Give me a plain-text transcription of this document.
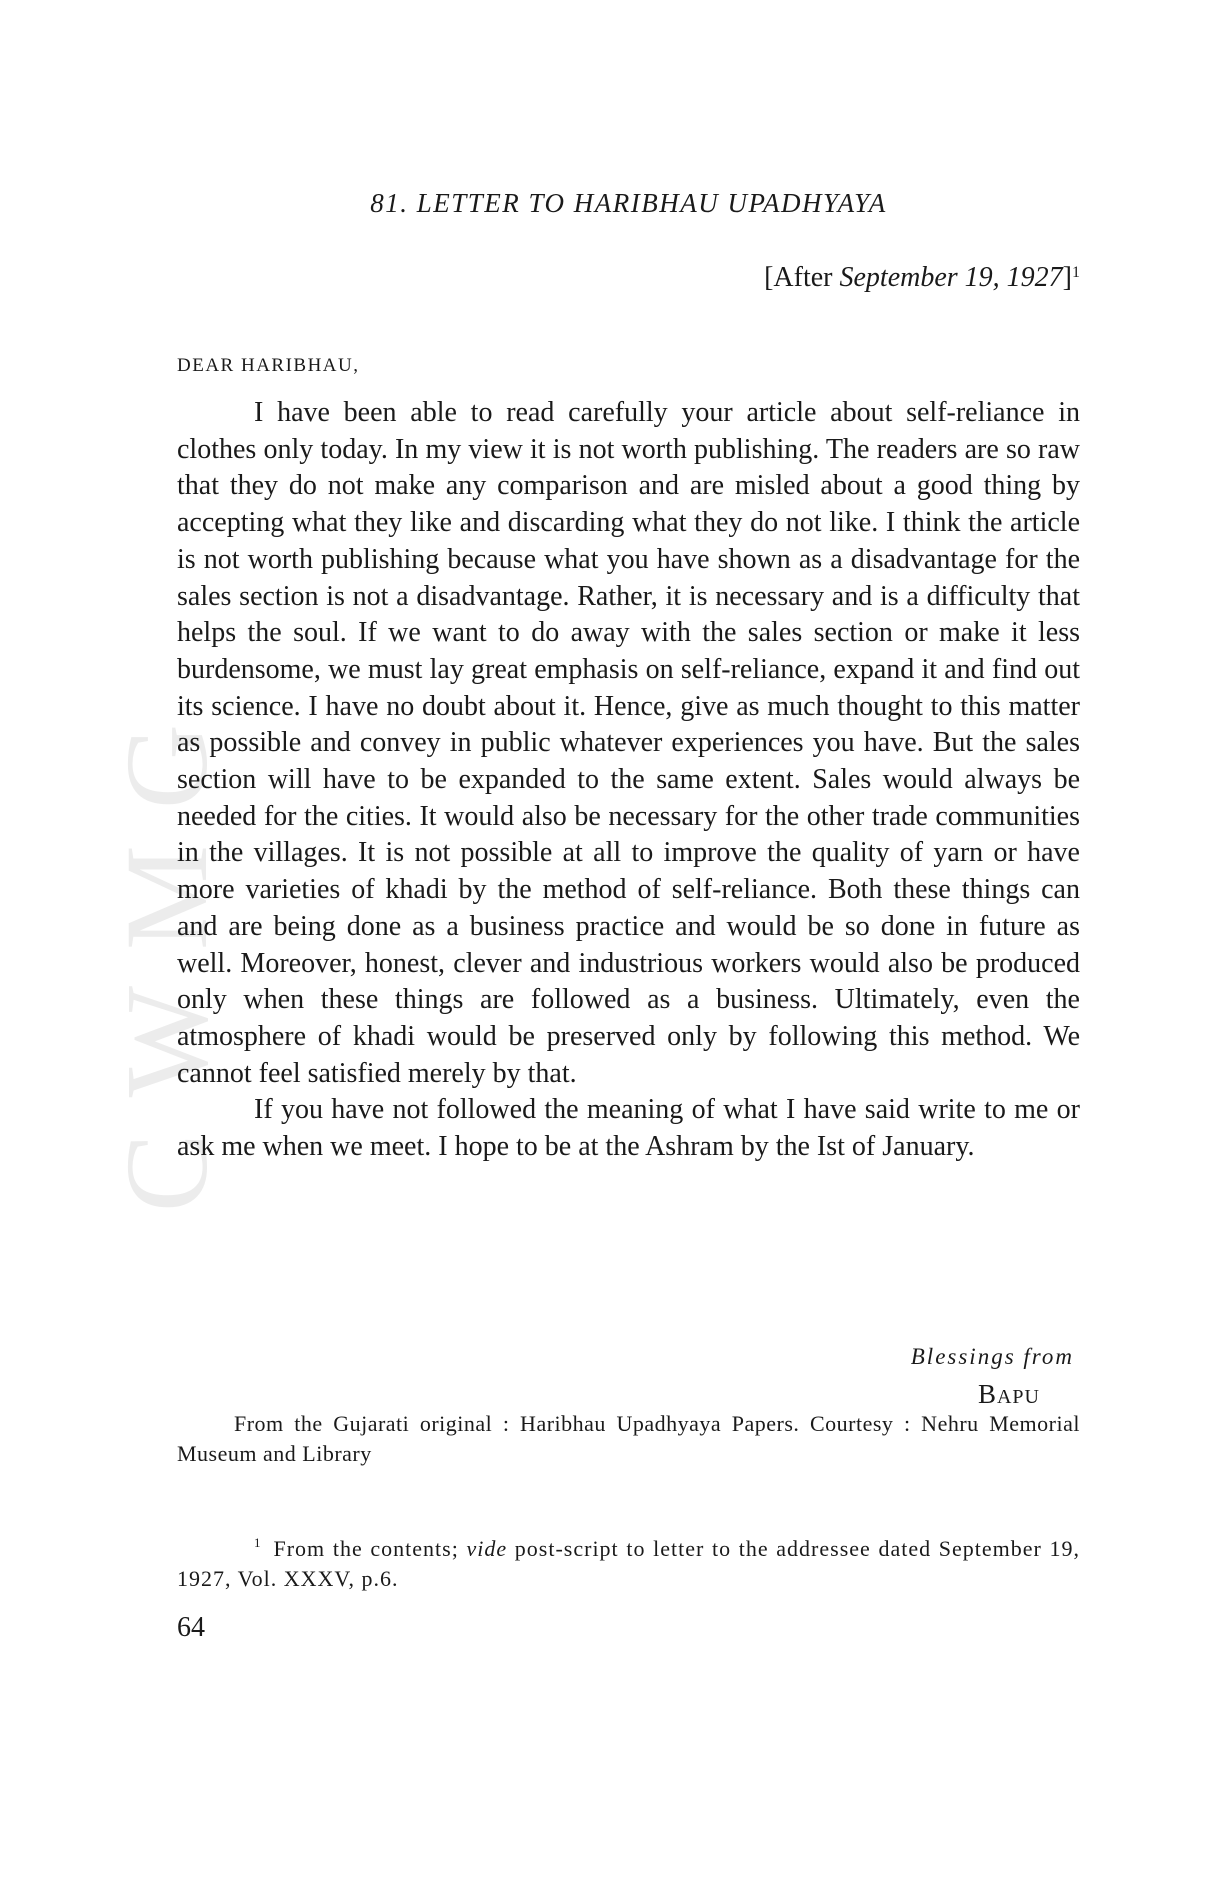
CWMG
81. LETTER TO HARIBHAU UPADHYAYA
[After September 19, 1927]$^1$
DEAR HARIBHAU,

I have been able to read carefully your article about self-reliance in clothes only today. In my view it is not worth publishing. The readers are so raw that they do not make any comparison and are misled about a good thing by accepting what they like and discarding what they do not like. I think the article is not worth publishing because what you have shown as a disadvantage for the sales section is not a disadvantage. Rather, it is necessary and is a difficulty that helps the soul. If we want to do away with the sales section or make it less burdensome, we must lay great emphasis on self-reliance, expand it and find out its science. I have no doubt about it. Hence, give as much thought to this matter as possible and convey in public whatever experiences you have. But the sales section will have to be expanded to the same extent. Sales would always be needed for the cities. It would also be necessary for the other trade communities in the villages. It is not possible at all to improve the quality of yarn or have more varieties of khadi by the method of self-reliance. Both these things can and are being done as a business practice and would be so done in future as well. Moreover, honest, clever and industrious workers would also be produced only when these things are followed as a business. Ultimately, even the atmosphere of khadi would be preserved only by following this method. We cannot feel satisfied merely by that.

If you have not followed the meaning of what I have said write to me or ask me when we meet. I hope to be at the Ashram by the Ist of January.

Blessings from
BAPU

From the Gujarati original : Haribhau Upadhyaya Papers. Courtesy : Nehru Memorial Museum and Library

$^1$ From the contents; vide post-script to letter to the addressee dated September 19, 1927, Vol. XXXV, p.6.

64
